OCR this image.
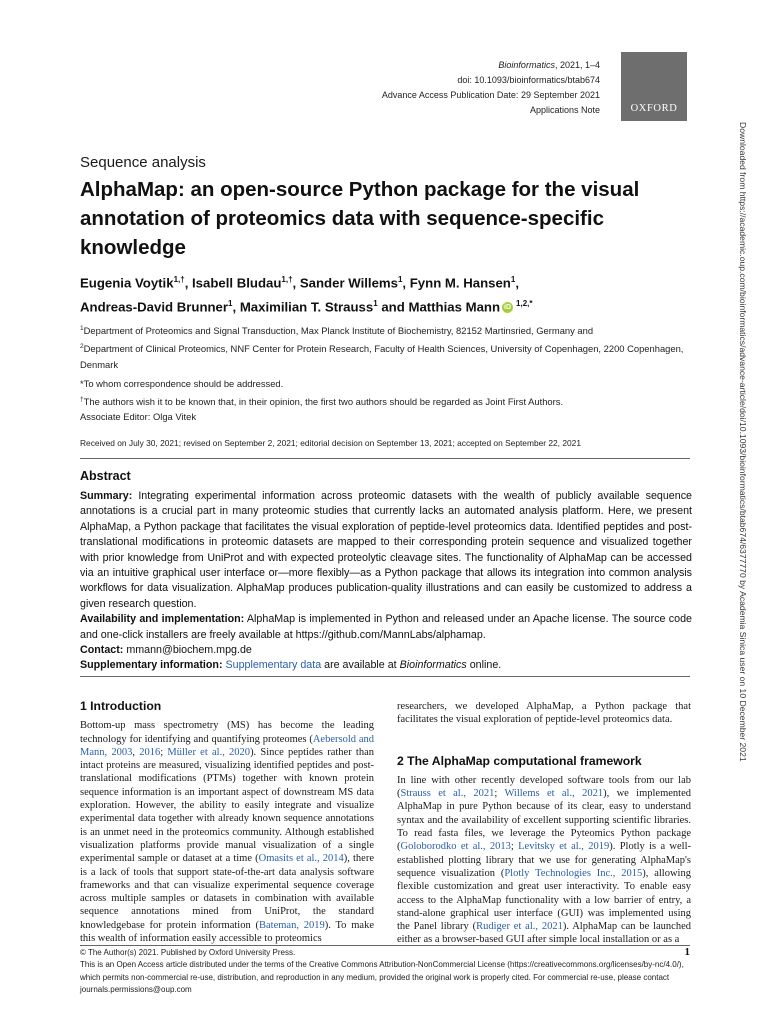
Bioinformatics, 2021, 1–4
doi: 10.1093/bioinformatics/btab674
Advance Access Publication Date: 29 September 2021
Applications Note	OXFORD
Downloaded from https://academic.oup.com/bioinformatics/advance-article/doi/10.1093/bioinformatics/btab674/6377770 by Academia Sinica user on 10 December 2021
Sequence analysis
AlphaMap: an open-source Python package for the visual annotation of proteomics data with sequence-specific knowledge
Eugenia Voytik$^{1,\dagger}$, Isabell Bludau$^{1,\dagger}$, Sander Willems$^1$, Fynn M. Hansen$^1$,
Andreas-David Brunner$^1$, Maximilian T. Strauss$^1$ and Matthias Mann iD $^{1,2,*}$
$^1$Department of Proteomics and Signal Transduction, Max Planck Institute of Biochemistry, 82152 Martinsried, Germany and
$^2$Department of Clinical Proteomics, NNF Center for Protein Research, Faculty of Health Sciences, University of Copenhagen, 2200 Copenhagen, Denmark
*To whom correspondence should be addressed.
†The authors wish it to be known that, in their opinion, the first two authors should be regarded as Joint First Authors.
Associate Editor: Olga Vitek
Received on July 30, 2021; revised on September 2, 2021; editorial decision on September 13, 2021; accepted on September 22, 2021
Abstract

Summary: Integrating experimental information across proteomic datasets with the wealth of publicly available sequence annotations is a crucial part in many proteomic studies that currently lacks an automated analysis platform. Here, we present AlphaMap, a Python package that facilitates the visual exploration of peptide-level proteomics data. Identified peptides and post-translational modifications in proteomic datasets are mapped to their corresponding protein sequence and visualized together with prior knowledge from UniProt and with expected proteolytic cleavage sites. The functionality of AlphaMap can be accessed via an intuitive graphical user interface or—more flexibly—as a Python package that allows its integration into common analysis workflows for data visualization. AlphaMap produces publication-quality illustrations and can easily be customized to address a given research question.

Availability and implementation: AlphaMap is implemented in Python and released under an Apache license. The source code and one-click installers are freely available at https://github.com/MannLabs/alphamap.

Contact: mmann@biochem.mpg.de

Supplementary information: Supplementary data are available at Bioinformatics online.

1 Introduction

Bottom-up mass spectrometry (MS) has become the leading technology for identifying and quantifying proteomes (Aebersold and Mann, 2003, 2016; Müller et al., 2020). Since peptides rather than intact proteins are measured, visualizing identified peptides and post-translational modifications (PTMs) together with known protein sequence information is an important aspect of downstream MS data exploration. However, the ability to easily integrate and visualize experimental data together with already known sequence annotations is an unmet need in the proteomics community. Although established visualization platforms provide manual visualization of a single experimental sample or dataset at a time (Omasits et al., 2014), there is a lack of tools that support state-of-the-art data analysis software frameworks and that can visualize experimental sequence coverage across multiple samples or datasets in combination with available sequence annotations mined from UniProt, the standard knowledgebase for protein information (Bateman, 2019). To make this wealth of information easily accessible to proteomics

researchers, we developed AlphaMap, a Python package that facilitates the visual exploration of peptide-level proteomics data.

2 The AlphaMap computational framework

In line with other recently developed software tools from our lab (Strauss et al., 2021; Willems et al., 2021), we implemented AlphaMap in pure Python because of its clear, easy to understand syntax and the availability of excellent supporting scientific libraries. To read fasta files, we leverage the Pyteomics Python package (Goloborodko et al., 2013; Levitsky et al., 2019). Plotly is a well-established plotting library that we use for generating AlphaMap's sequence visualization (Plotly Technologies Inc., 2015), allowing flexible customization and great user interactivity. To enable easy access to the AlphaMap functionality with a low barrier of entry, a stand-alone graphical user interface (GUI) was implemented using the Panel library (Rudiger et al., 2021). AlphaMap can be launched either as a browser-based GUI after simple local installation or as a

© The Author(s) 2021. Published by Oxford University Press.
This is an Open Access article distributed under the terms of the Creative Commons Attribution-NonCommercial License (https://creativecommons.org/licenses/by-nc/4.0/), which permits non-commercial re-use, distribution, and reproduction in any medium, provided the original work is properly cited. For commercial re-use, please contact journals.permissions@oup.com
1
